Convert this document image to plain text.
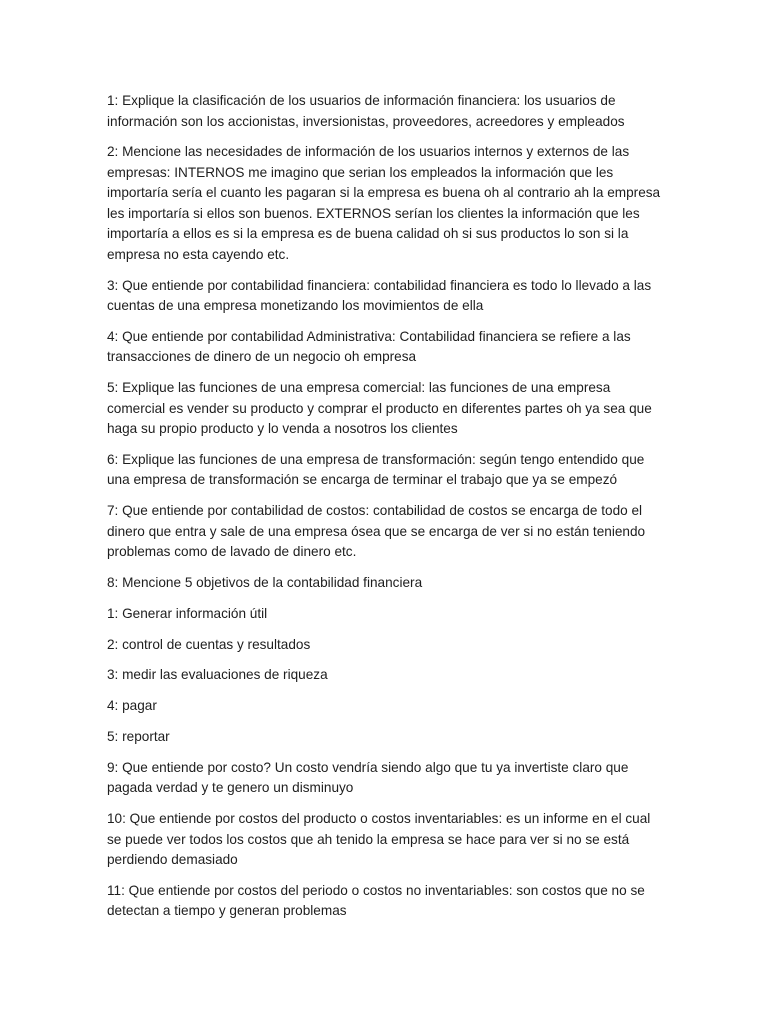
1: Explique la clasificación de los usuarios de información financiera: los usuarios de información son los accionistas, inversionistas, proveedores, acreedores y empleados

2: Mencione las necesidades de información de los usuarios internos y externos de las empresas: INTERNOS me imagino que serian los empleados la información que les importaría sería el cuanto les pagaran si la empresa es buena oh al contrario ah la empresa les importaría si ellos son buenos. EXTERNOS serían los clientes la información que les importaría a ellos es si la empresa es de buena calidad oh si sus productos lo son si la empresa no esta cayendo etc.

3: Que entiende por contabilidad financiera: contabilidad financiera es todo lo llevado a las cuentas de una empresa monetizando los movimientos de ella

4: Que entiende por contabilidad Administrativa: Contabilidad financiera se refiere a las transacciones de dinero de un negocio oh empresa

5: Explique las funciones de una empresa comercial: las funciones de una empresa comercial es vender su producto y comprar el producto en diferentes partes oh ya sea que haga su propio producto y lo venda a nosotros los clientes

6: Explique las funciones de una empresa de transformación: según tengo entendido que una empresa de transformación se encarga de terminar el trabajo que ya se empezó

7: Que entiende por contabilidad de costos: contabilidad de costos se encarga de todo el dinero que entra y sale de una empresa ósea que se encarga de ver si no están teniendo problemas como de lavado de dinero etc.

8: Mencione 5 objetivos de la contabilidad financiera

1: Generar información útil

2: control de cuentas y resultados

3: medir las evaluaciones de riqueza

4: pagar

5: reportar

9: Que entiende por costo? Un costo vendría siendo algo que tu ya invertiste claro que pagada verdad y te genero un disminuyo

10: Que entiende por costos del producto o costos inventariables: es un informe en el cual se puede ver todos los costos que ah tenido la empresa se hace para ver si no se está perdiendo demasiado

11: Que entiende por costos del periodo o costos no inventariables: son costos que no se detectan a tiempo y generan problemas
